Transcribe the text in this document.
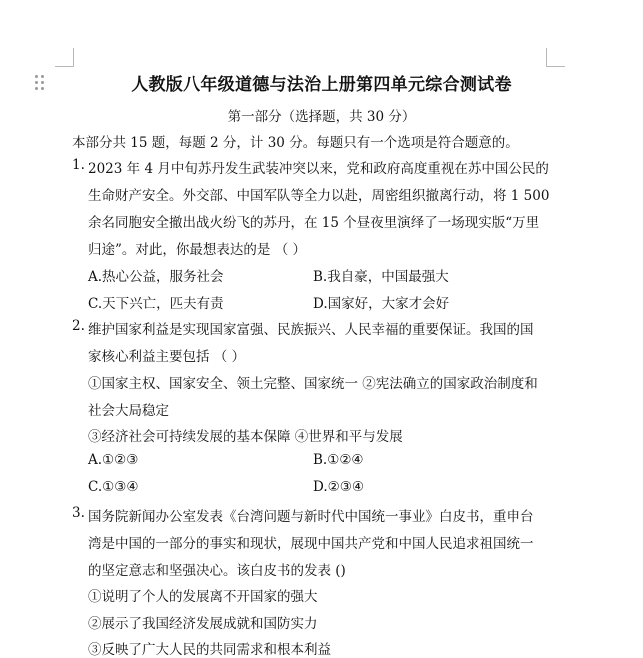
人教版八年级道德与法治上册第四单元综合测试卷
第一部分（选择题，共 30 分）
本部分共 15 题，每题 2 分，计 30 分。每题只有一个选项是符合题意的。
1. 2023 年 4 月中旬苏丹发生武装冲突以来，党和政府高度重视在苏中国公民的
生命财产安全。外交部、中国军队等全力以赴，周密组织撤离行动，将 1 500
余名同胞安全撤出战火纷飞的苏丹，在 15 个昼夜里演绎了一场现实版“万里
归途”。对此，你最想表达的是 （ ）
A.热心公益，服务社会	B.我自豪，中国最强大
C.天下兴亡，匹夫有责	D.国家好，大家才会好
2. 维护国家利益是实现国家富强、民族振兴、人民幸福的重要保证。我国的国
家核心利益主要包括 （ ）
①国家主权、国家安全、领土完整、国家统一 ②宪法确立的国家政治制度和
社会大局稳定
③经济社会可持续发展的基本保障 ④世界和平与发展
A.①②③	B.①②④
C.①③④	D.②③④
3. 国务院新闻办公室发表《台湾问题与新时代中国统一事业》白皮书，重申台
湾是中国的一部分的事实和现状，展现中国共产党和中国人民追求祖国统一
的坚定意志和坚强决心。该白皮书的发表 ()
①说明了个人的发展离不开国家的强大
②展示了我国经济发展成就和国防实力
③反映了广大人民的共同需求和根本利益
